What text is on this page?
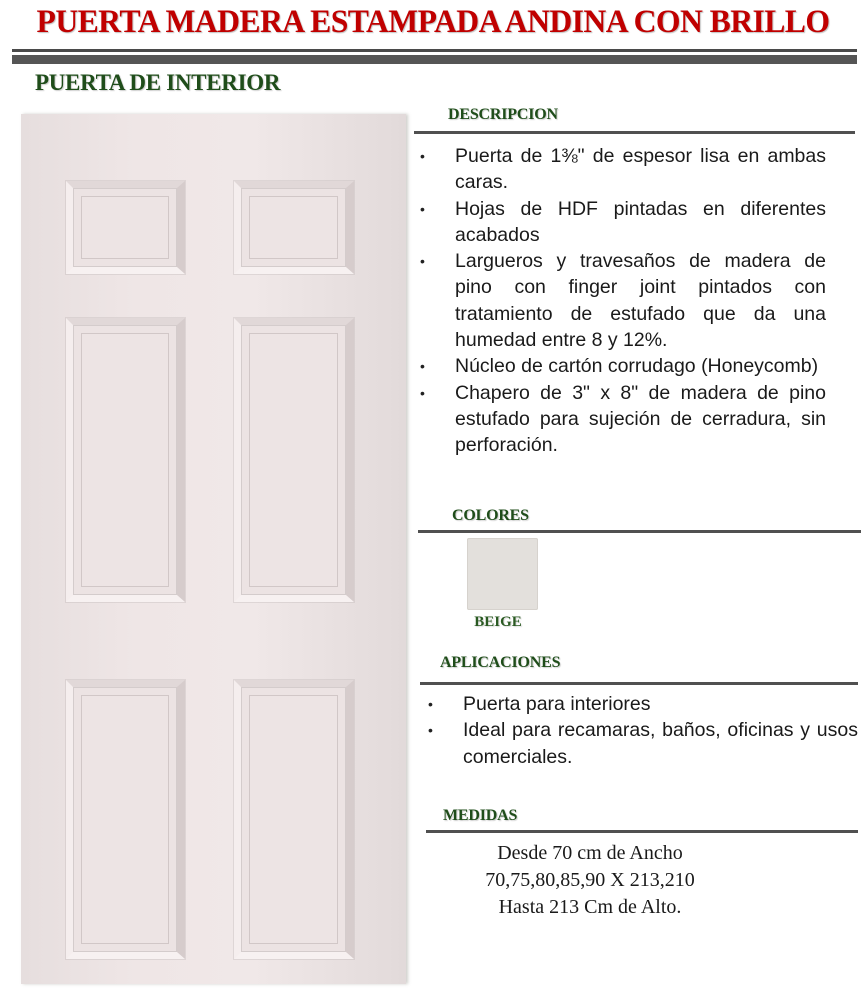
PUERTA MADERA ESTAMPADA ANDINA CON BRILLO
PUERTA DE INTERIOR
DESCRIPCION
• Puerta de 1⅜" de espesor lisa en ambas caras.
• Hojas de HDF pintadas en diferentes acabados
• Largueros y travesaños de madera de pino con finger joint pintados con tratamiento de estufado que da una humedad entre 8 y 12%.
• Núcleo de cartón corrudago (Honeycomb)
• Chapero de 3" x 8" de madera de pino estufado para sujeción de cerradura, sin perforación.
COLORES
BEIGE
APLICACIONES
• Puerta para interiores
• Ideal para recamaras, baños, oficinas y usos comerciales.
MEDIDAS
Desde 70 cm de Ancho
70,75,80,85,90 X 213,210
Hasta 213 Cm de Alto.
